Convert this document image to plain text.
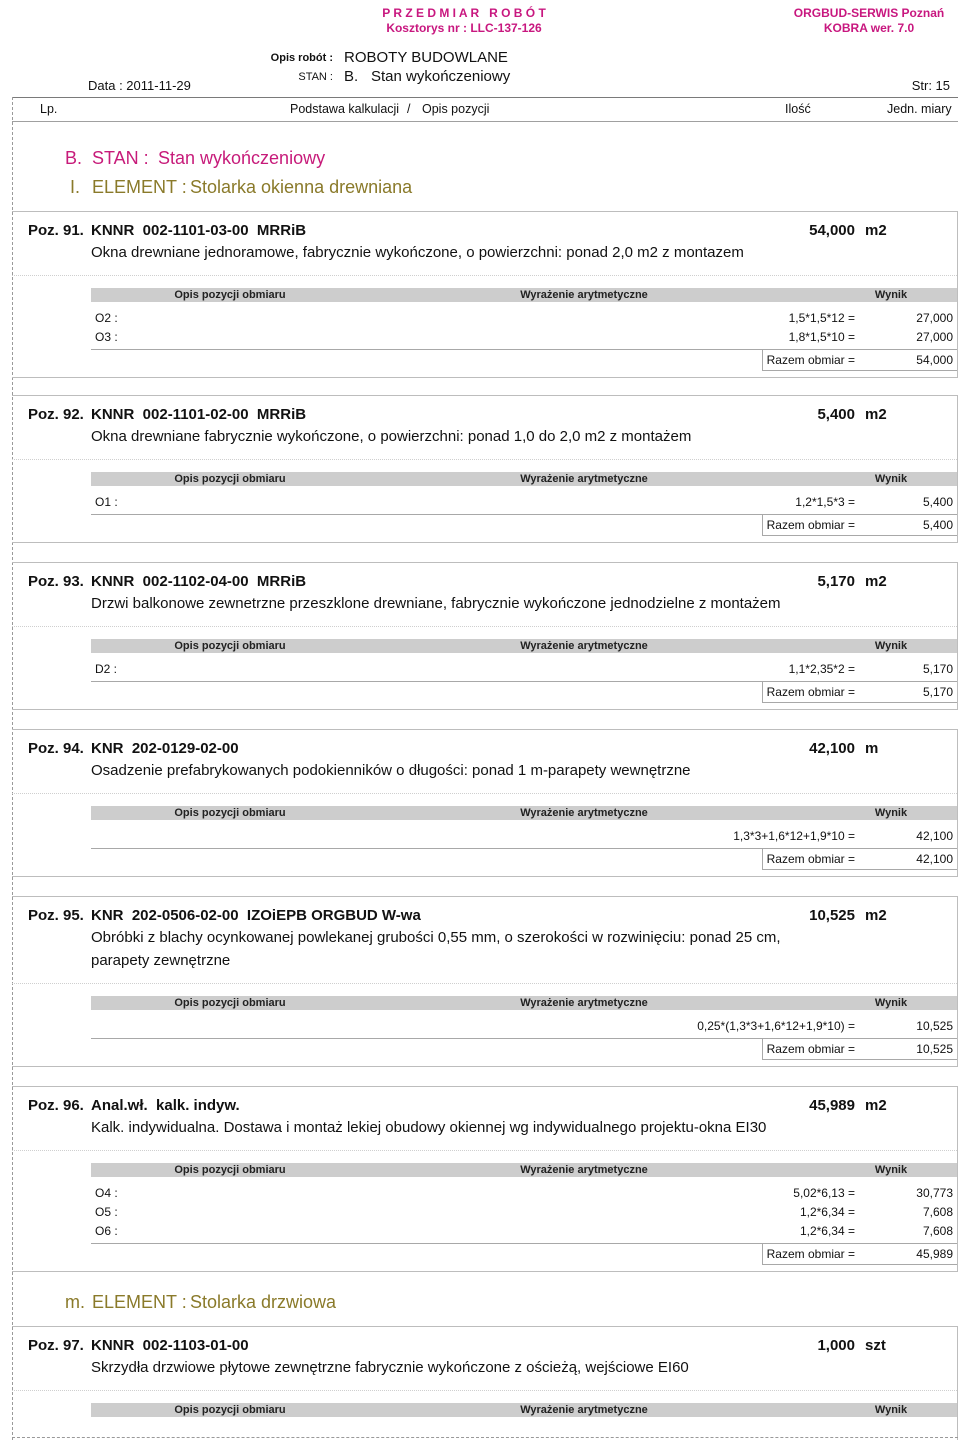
P R Z E D M I A R   R O B Ó T
Kosztorys nr : LLC-137-126
ORGBUD-SERWIS Poznań
KOBRA wer. 7.0
Opis robót : ROBOTY BUDOWLANE
STAN : B. Stan wykończeniowy
Data : 2011-11-29	Str: 15
Lp.	Podstawa kalkulacji / Opis pozycji	Ilość	Jedn. miary
B. STAN : Stan wykończeniowy
I. ELEMENT : Stolarka okienna drewniana
Poz. 91. KNNR  002-1101-03-00  MRRiB	54,000 m2
Okna drewniane jednoramowe, fabrycznie wykończone, o powierzchni: ponad 2,0 m2 z montazem
Opis pozycji obmiaru	Wyrażenie arytmetyczne	Wynik
O2 :	1,5*1,5*12 =	27,000
O3 :	1,8*1,5*10 =	27,000
Razem obmiar =	54,000
Poz. 92. KNNR  002-1101-02-00  MRRiB	5,400 m2
Okna drewniane fabrycznie wykończone, o powierzchni: ponad 1,0 do 2,0 m2 z montażem
Opis pozycji obmiaru	Wyrażenie arytmetyczne	Wynik
O1 :	1,2*1,5*3 =	5,400
Razem obmiar =	5,400
Poz. 93. KNNR  002-1102-04-00  MRRiB	5,170 m2
Drzwi balkonowe zewnetrzne przeszklone drewniane, fabrycznie wykończone jednodzielne z montażem
Opis pozycji obmiaru	Wyrażenie arytmetyczne	Wynik
D2 :	1,1*2,35*2 =	5,170
Razem obmiar =	5,170
Poz. 94. KNR  202-0129-02-00	42,100 m
Osadzenie prefabrykowanych podokienników o długości: ponad 1 m-parapety wewnętrzne
Opis pozycji obmiaru	Wyrażenie arytmetyczne	Wynik
1,3*3+1,6*12+1,9*10 =	42,100
Razem obmiar =	42,100
Poz. 95. KNR  202-0506-02-00  IZOiEPB ORGBUD W-wa	10,525 m2
Obróbki z blachy ocynkowanej powlekanej grubości 0,55 mm, o szerokości w rozwinięciu: ponad 25 cm,
parapety zewnętrzne
Opis pozycji obmiaru	Wyrażenie arytmetyczne	Wynik
0,25*(1,3*3+1,6*12+1,9*10) =	10,525
Razem obmiar =	10,525
Poz. 96. Anal.wł.  kalk. indyw.	45,989 m2
Kalk. indywidualna. Dostawa i montaż lekiej obudowy okiennej wg indywidualnego projektu-okna EI30
Opis pozycji obmiaru	Wyrażenie arytmetyczne	Wynik
O4 :	5,02*6,13 =	30,773
O5 :	1,2*6,34 =	7,608
O6 :	1,2*6,34 =	7,608
Razem obmiar =	45,989
m. ELEMENT : Stolarka drzwiowa
Poz. 97. KNNR  002-1103-01-00	1,000 szt
Skrzydła drzwiowe płytowe zewnętrzne fabrycznie wykończone z ościeżą, wejściowe EI60
Opis pozycji obmiaru	Wyrażenie arytmetyczne	Wynik
